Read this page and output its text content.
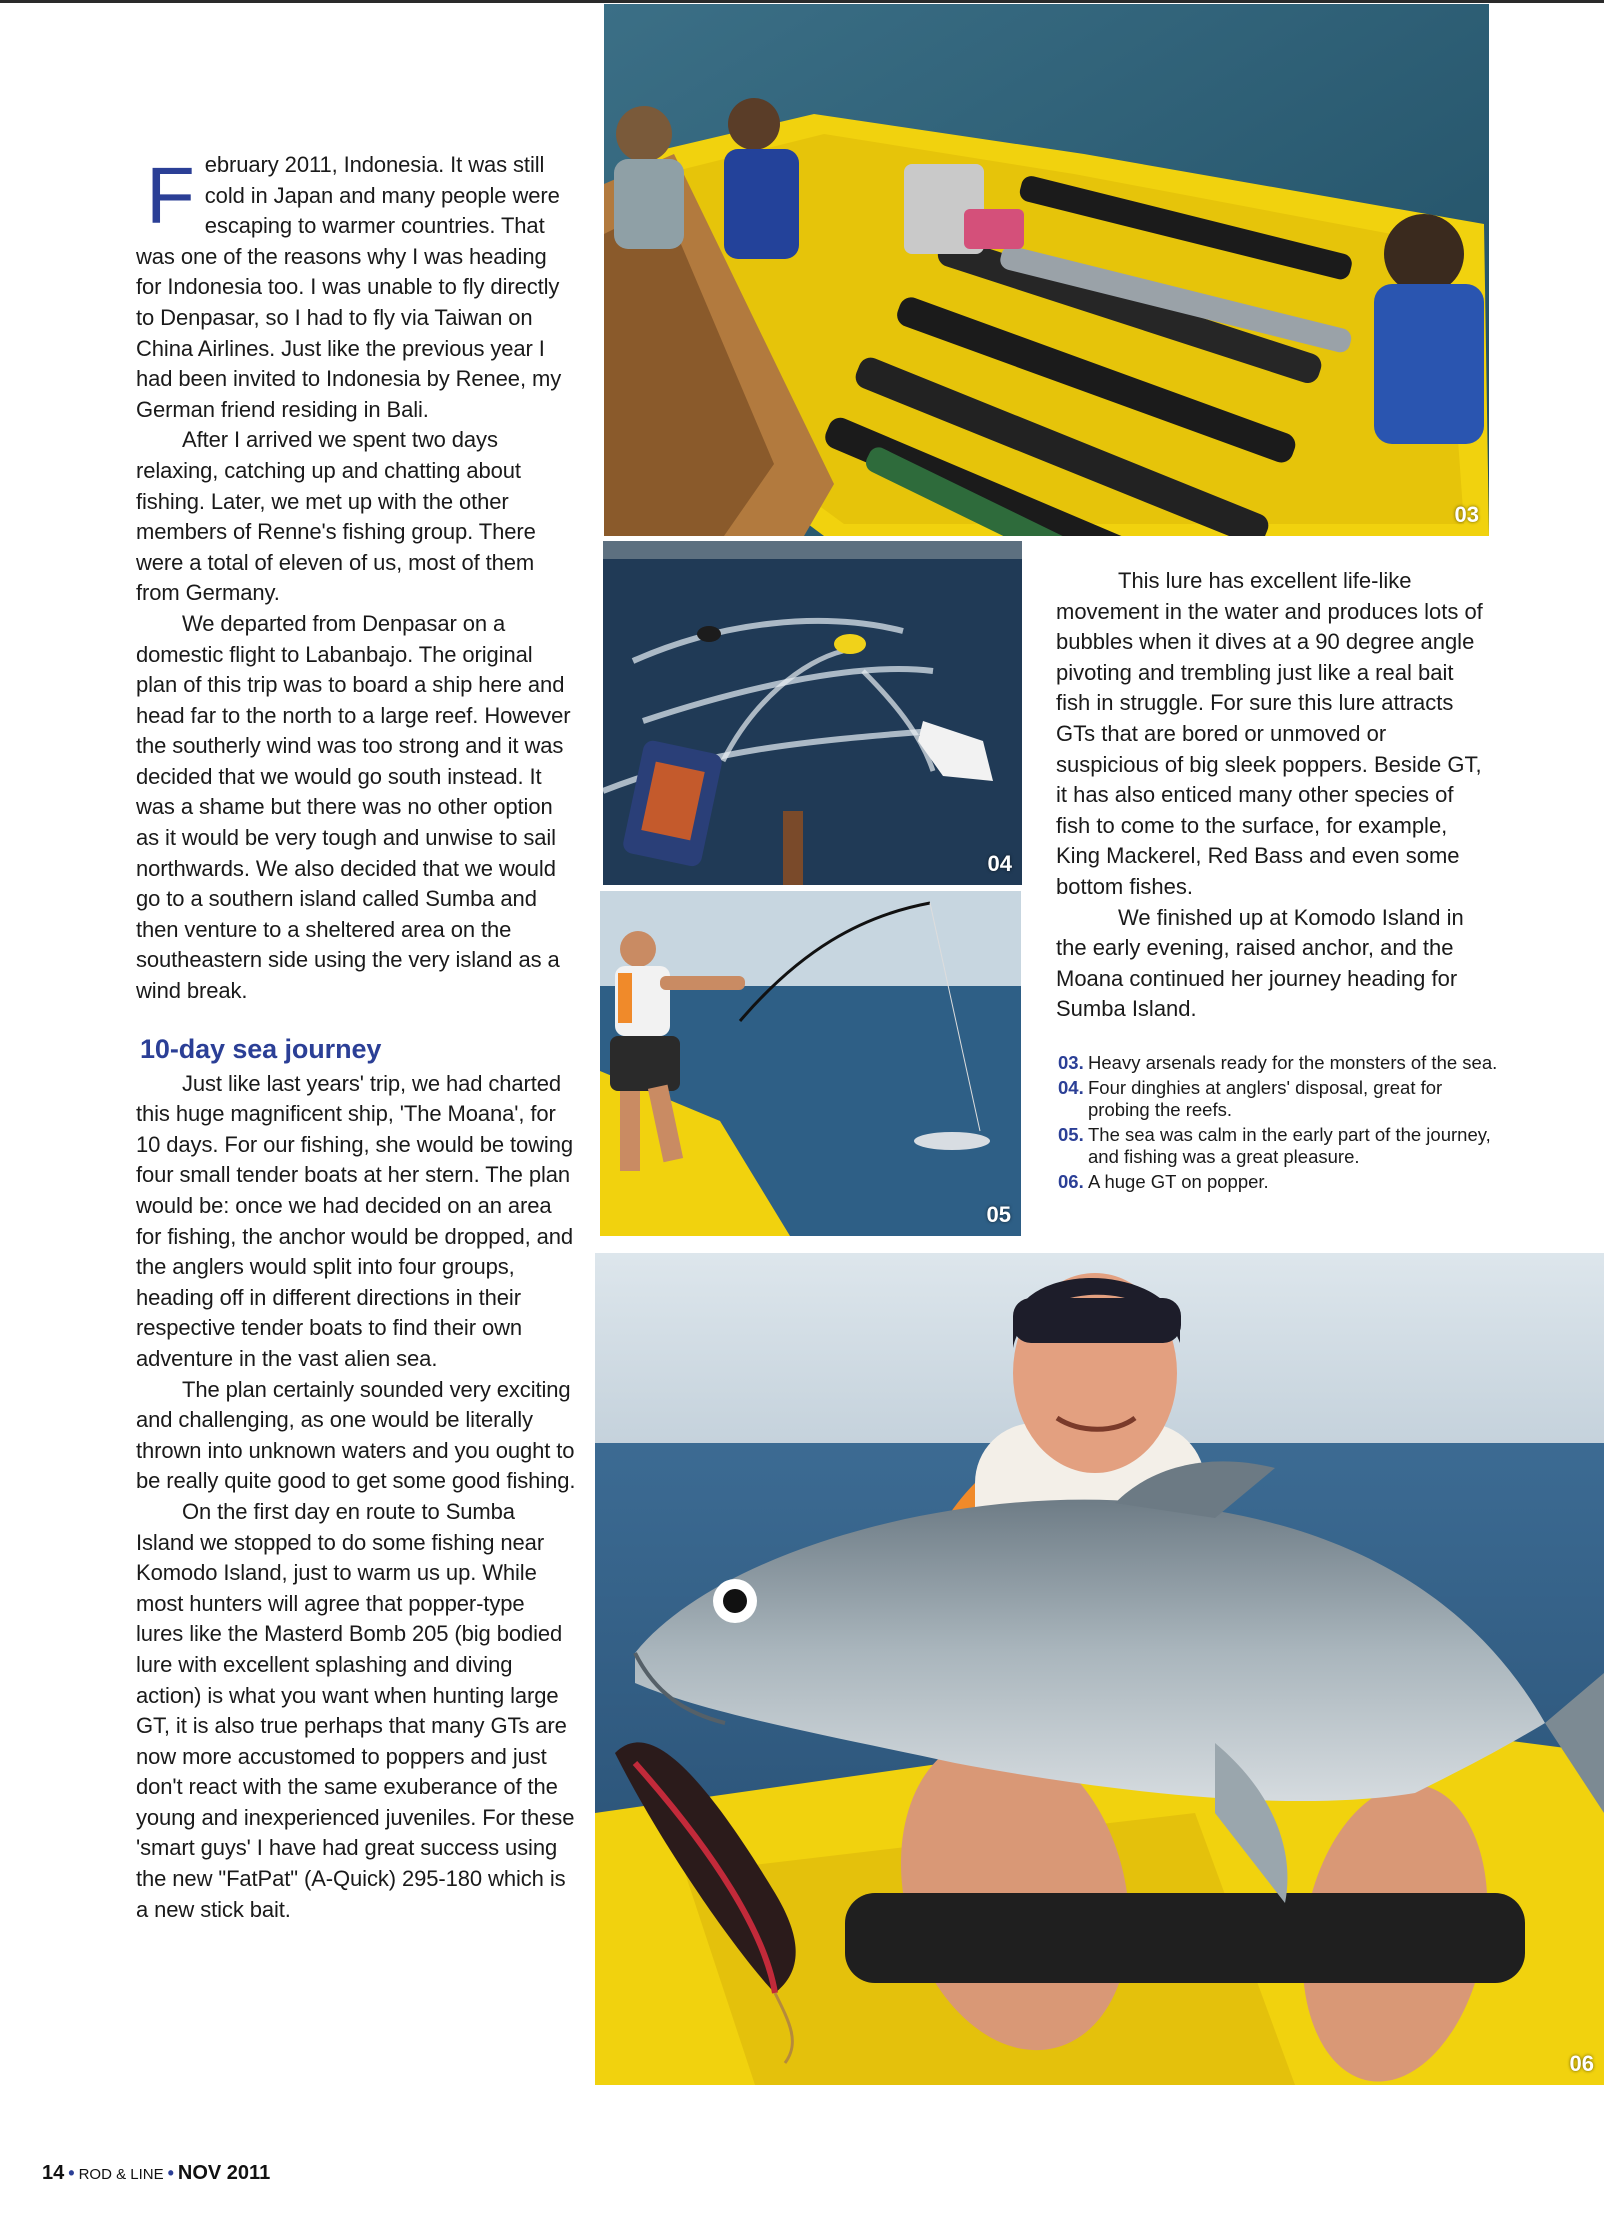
February 2011, Indonesia. It was still cold in Japan and many people were escaping to warmer countries. That was one of the reasons why I was heading for Indonesia too. I was unable to fly directly to Denpasar, so I had to fly via Taiwan on China Airlines. Just like the previous year I had been invited to Indonesia by Renee, my German friend residing in Bali.

After I arrived we spent two days relaxing, catching up and chatting about fishing. Later, we met up with the other members of Renne's fishing group. There were a total of eleven of us, most of them from Germany.

We departed from Denpasar on a domestic flight to Labanbajo. The original plan of this trip was to board a ship here and head far to the north to a large reef. However the southerly wind was too strong and it was decided that we would go south instead. It was a shame but there was no other option as it would be very tough and unwise to sail northwards. We also decided that we would go to a southern island called Sumba and then venture to a sheltered area on the southeastern side using the very island as a wind break.

10-day sea journey

Just like last years' trip, we had charted this huge magnificent ship, 'The Moana', for 10 days. For our fishing, she would be towing four small tender boats at her stern. The plan would be: once we had decided on an area for fishing, the anchor would be dropped, and the anglers would split into four groups, heading off in different directions in their respective tender boats to find their own adventure in the vast alien sea.

The plan certainly sounded very exciting and challenging, as one would be literally thrown into unknown waters and you ought to be really quite good to get some good fishing.

On the first day en route to Sumba Island we stopped to do some fishing near Komodo Island, just to warm us up. While most hunters will agree that popper-type lures like the Masterd Bomb 205 (big bodied lure with excellent splashing and diving action) is what you want when hunting large GT, it is also true perhaps that many GTs are now more accustomed to poppers and just don't react with the same exuberance of the young and inexperienced juveniles. For these 'smart guys' I have had great success using the new "FatPat" (A-Quick) 295-180 which is a new stick bait.

03
04
05
06

This lure has excellent life-like movement in the water and produces lots of bubbles when it dives at a 90 degree angle pivoting and trembling just like a real bait fish in struggle. For sure this lure attracts GTs that are bored or unmoved or suspicious of big sleek poppers. Beside GT, it has also enticed many other species of fish to come to the surface, for example, King Mackerel, Red Bass and even some bottom fishes.

We finished up at Komodo Island in the early evening, raised anchor, and the Moana continued her journey heading for Sumba Island.

03. Heavy arsenals ready for the monsters of the sea.
04. Four dinghies at anglers' disposal, great for probing the reefs.
05. The sea was calm in the early part of the journey, and fishing was a great pleasure.
06. A huge GT on popper.
14 • ROD & LINE • NOV 2011
